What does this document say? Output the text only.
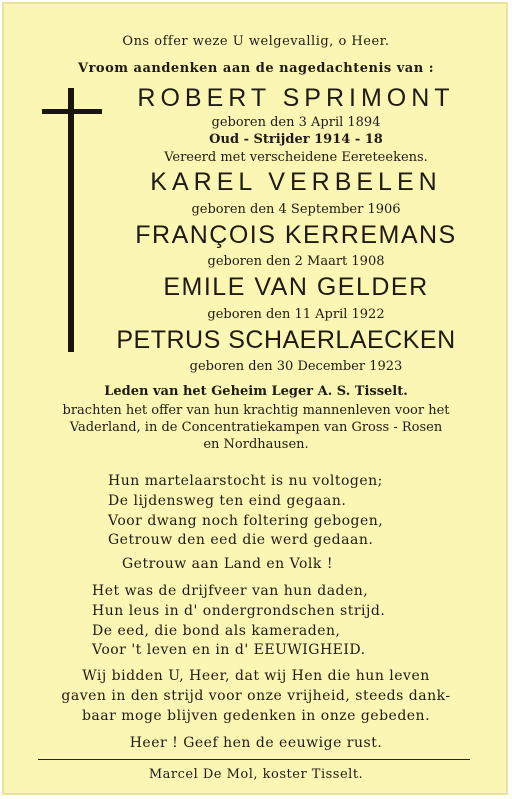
Ons offer weze U welgevallig, o Heer.
Vroom aandenken aan de nagedachtenis van :
ROBERT SPRIMONT
geboren den 3 April 1894
Oud - Strijder 1914 - 18
Vereerd met verscheidene Eereteekens.
KAREL VERBELEN
geboren den 4 September 1906
FRANÇOIS KERREMANS
geboren den 2 Maart 1908
EMILE VAN GELDER
geboren den 11 April 1922
PETRUS SCHAERLAECKEN
geboren den 30 December 1923
Leden van het Geheim Leger A. S. Tisselt.
brachten het offer van hun krachtig mannenleven voor het
Vaderland, in de Concentratiekampen van Gross - Rosen
en Nordhausen.
Hun martelaarstocht is nu voltogen;
De lijdensweg ten eind gegaan.
Voor dwang noch foltering gebogen,
Getrouw den eed die werd gedaan.
Getrouw aan Land en Volk !
Het was de drijfveer van hun daden,
Hun leus in d' ondergrondschen strijd.
De eed, die bond als kameraden,
Voor 't leven en in d' EEUWIGHEID.
Wij bidden U, Heer, dat wij Hen die hun leven
gaven in den strijd voor onze vrijheid, steeds dank-
baar moge blijven gedenken in onze gebeden.
Heer ! Geef hen de eeuwige rust.
Marcel De Mol, koster Tisselt.
